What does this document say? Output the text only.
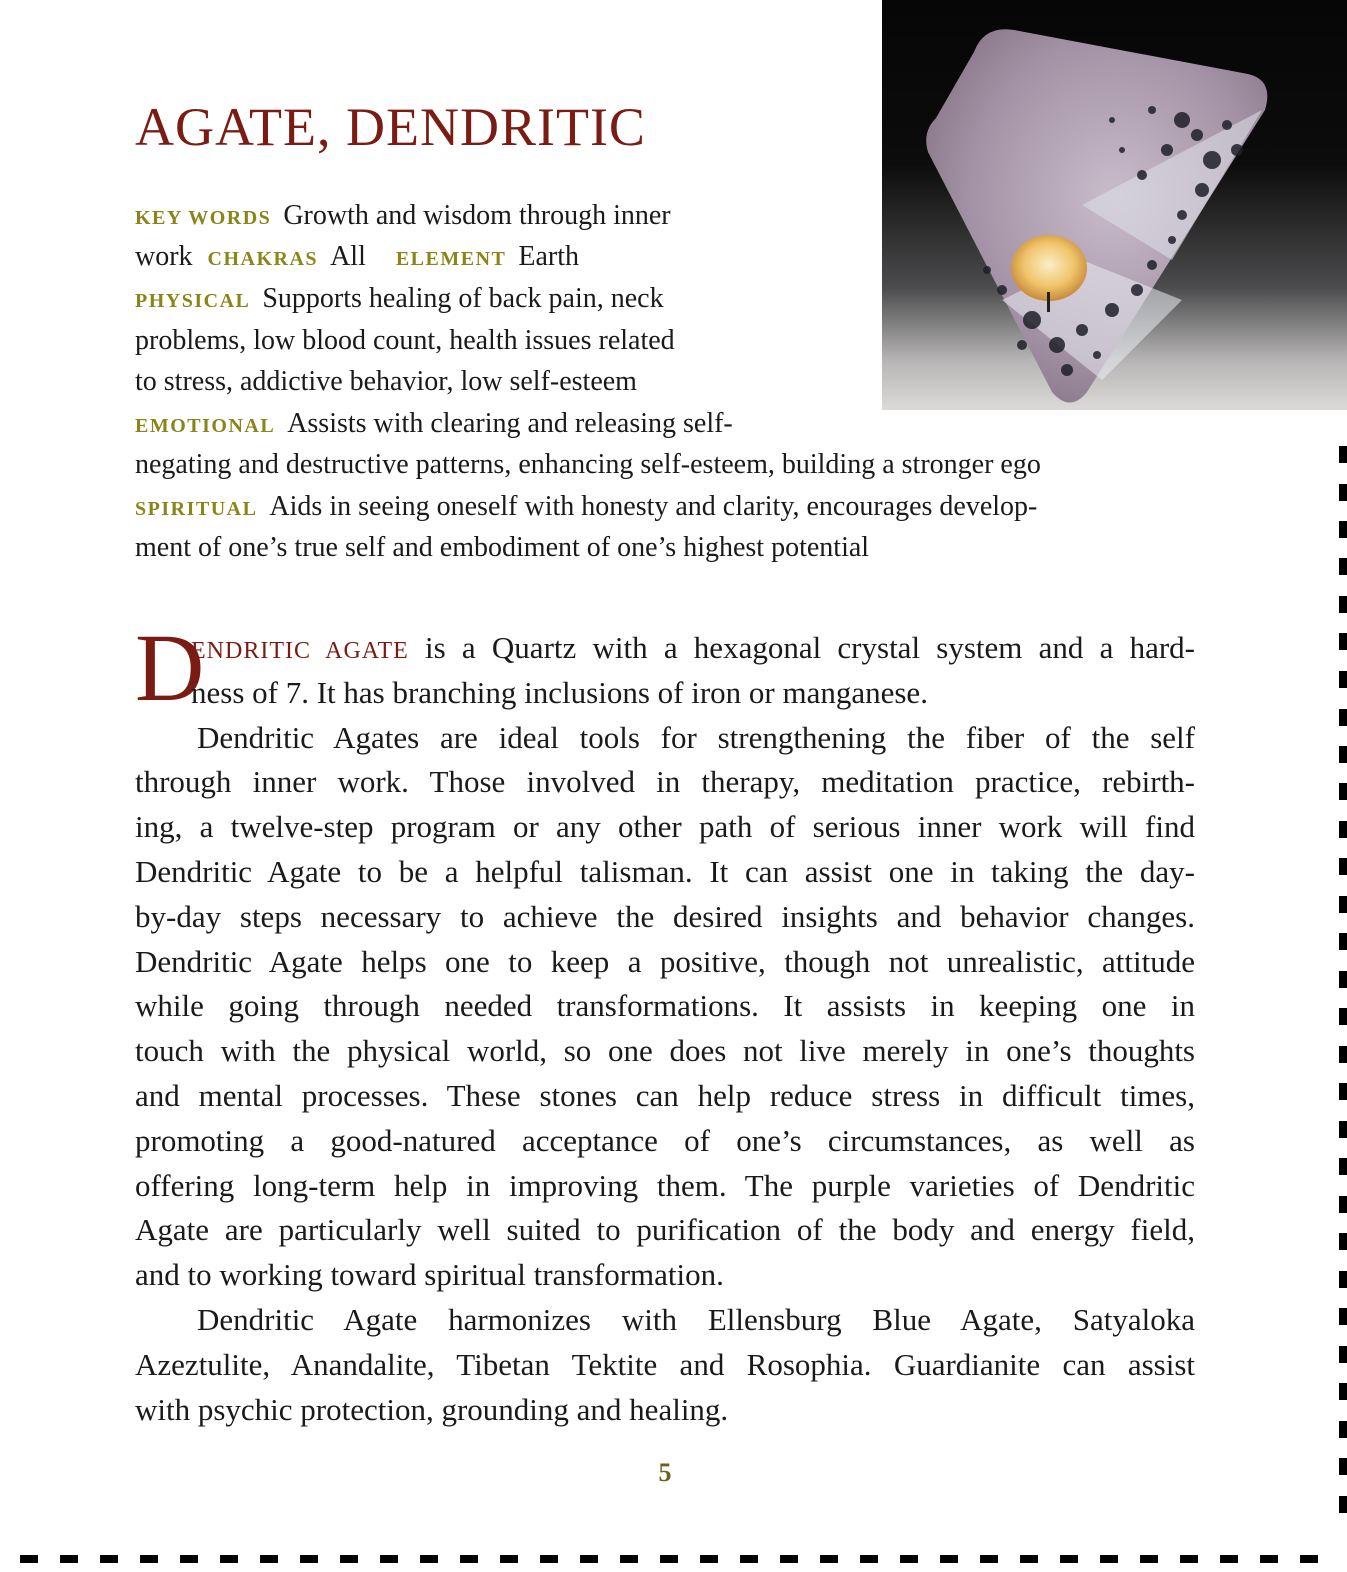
AGATE, DENDRITIC
KEY WORDS Growth and wisdom through inner
work CHAKRAS All ELEMENT Earth
PHYSICAL Supports healing of back pain, neck
problems, low blood count, health issues related
to stress, addictive behavior, low self-esteem
EMOTIONAL Assists with clearing and releasing self-
negating and destructive patterns, enhancing self-esteem, building a stronger ego
SPIRITUAL Aids in seeing oneself with honesty and clarity, encourages develop-
ment of one’s true self and embodiment of one’s highest potential
D
ENDRITIC AGATE is a Quartz with a hexagonal crystal system and a hard-
ness of 7. It has branching inclusions of iron or manganese.
Dendritic Agates are ideal tools for strengthening the fiber of the self
through inner work. Those involved in therapy, meditation practice, rebirth-
ing, a twelve-step program or any other path of serious inner work will find
Dendritic Agate to be a helpful talisman. It can assist one in taking the day-
by-day steps necessary to achieve the desired insights and behavior changes.
Dendritic Agate helps one to keep a positive, though not unrealistic, attitude
while going through needed transformations. It assists in keeping one in
touch with the physical world, so one does not live merely in one’s thoughts
and mental processes. These stones can help reduce stress in difficult times,
promoting a good-natured acceptance of one’s circumstances, as well as
offering long-term help in improving them. The purple varieties of Dendritic
Agate are particularly well suited to purification of the body and energy field,
and to working toward spiritual transformation.
Dendritic Agate harmonizes with Ellensburg Blue Agate, Satyaloka
Azeztulite, Anandalite, Tibetan Tektite and Rosophia. Guardianite can assist
with psychic protection, grounding and healing.
5
